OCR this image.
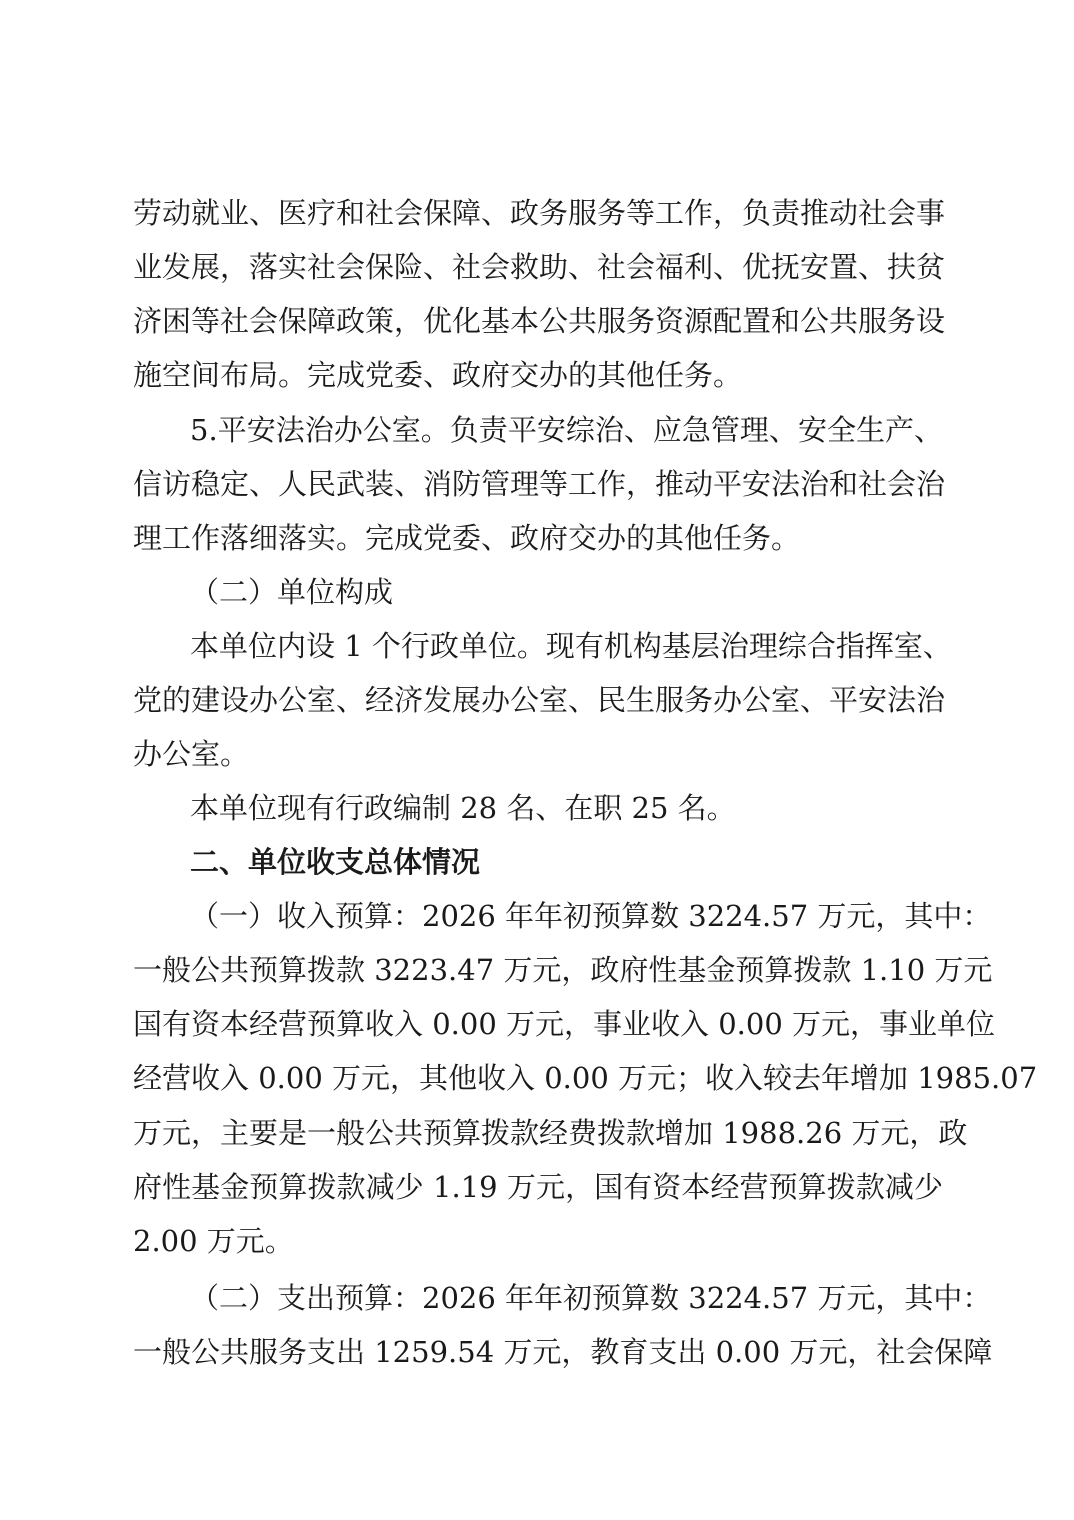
劳动就业、医疗和社会保障、政务服务等工作，负责推动社会事
业发展，落实社会保险、社会救助、社会福利、优抚安置、扶贫
济困等社会保障政策，优化基本公共服务资源配置和公共服务设
施空间布局。完成党委、政府交办的其他任务。
5.平安法治办公室。负责平安综治、应急管理、安全生产、
信访稳定、人民武装、消防管理等工作，推动平安法治和社会治
理工作落细落实。完成党委、政府交办的其他任务。
（二）单位构成
本单位内设 1 个行政单位。现有机构基层治理综合指挥室、
党的建设办公室、经济发展办公室、民生服务办公室、平安法治
办公室。
本单位现有行政编制 28 名、在职 25 名。
二、单位收支总体情况
（一）收入预算：2026 年年初预算数 3224.57 万元，其中：
一般公共预算拨款 3223.47 万元，政府性基金预算拨款 1.10 万元
国有资本经营预算收入 0.00 万元，事业收入 0.00 万元，事业单位
经营收入 0.00 万元，其他收入 0.00 万元；收入较去年增加 1985.07
万元，主要是一般公共预算拨款经费拨款增加 1988.26 万元，政
府性基金预算拨款减少 1.19 万元，国有资本经营预算拨款减少
2.00 万元。
（二）支出预算：2026 年年初预算数 3224.57 万元，其中：
一般公共服务支出 1259.54 万元，教育支出 0.00 万元，社会保障
